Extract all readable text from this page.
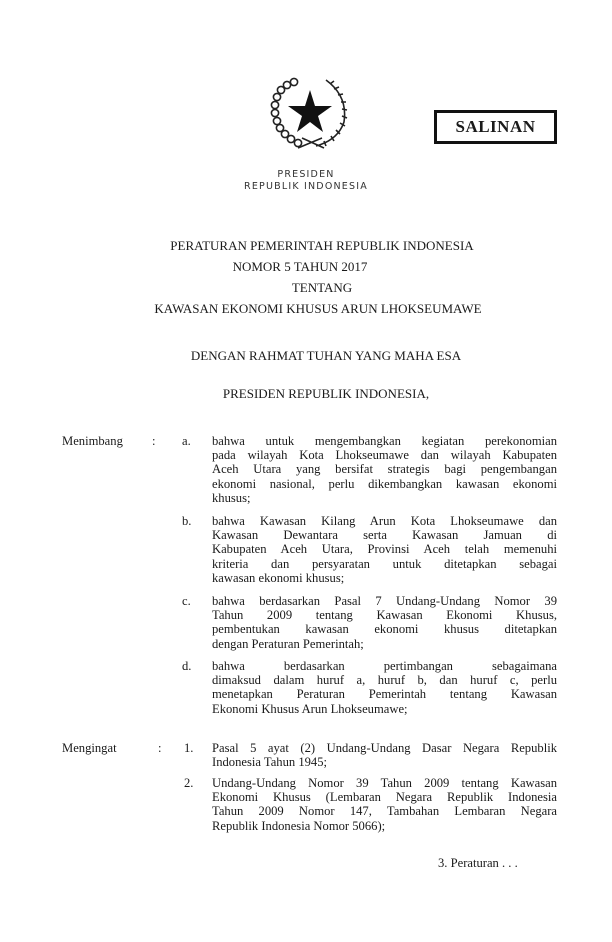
SALINAN
PRESIDEN
REPUBLIK INDONESIA
PERATURAN PEMERINTAH REPUBLIK INDONESIA
NOMOR 5 TAHUN 2017
TENTANG
KAWASAN EKONOMI KHUSUS ARUN LHOKSEUMAWE
DENGAN RAHMAT TUHAN YANG MAHA ESA
PRESIDEN REPUBLIK INDONESIA,
Menimbang : a. bahwa untuk mengembangkan kegiatan perekonomian
pada wilayah Kota Lhokseumawe dan wilayah Kabupaten
Aceh Utara yang bersifat strategis bagi pengembangan
ekonomi nasional, perlu dikembangkan kawasan ekonomi
khusus;
b. bahwa Kawasan Kilang Arun Kota Lhokseumawe dan
Kawasan Dewantara serta Kawasan Jamuan di
Kabupaten Aceh Utara, Provinsi Aceh telah memenuhi
kriteria dan persyaratan untuk ditetapkan sebagai
kawasan ekonomi khusus;
c. bahwa berdasarkan Pasal 7 Undang-Undang Nomor 39
Tahun 2009 tentang Kawasan Ekonomi Khusus,
pembentukan kawasan ekonomi khusus ditetapkan
dengan Peraturan Pemerintah;
d. bahwa berdasarkan pertimbangan sebagaimana
dimaksud dalam huruf a, huruf b, dan huruf c, perlu
menetapkan Peraturan Pemerintah tentang Kawasan
Ekonomi Khusus Arun Lhokseumawe;
Mengingat	: 1. Pasal 5 ayat (2) Undang-Undang Dasar Negara Republik
Indonesia Tahun 1945;
2. Undang-Undang Nomor 39 Tahun 2009 tentang Kawasan
Ekonomi Khusus (Lembaran Negara Republik Indonesia
Tahun 2009 Nomor 147, Tambahan Lembaran Negara
Republik Indonesia Nomor 5066);
3. Peraturan . . .
